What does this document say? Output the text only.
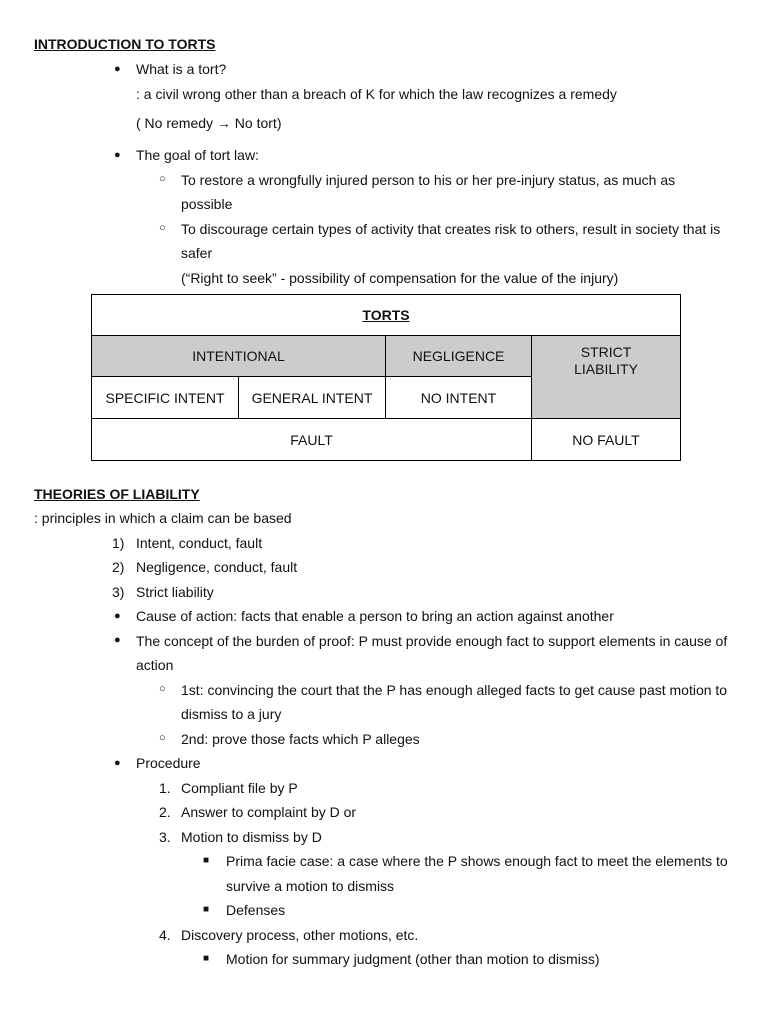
INTRODUCTION TO TORTS
● What is a tort?
: a civil wrong other than a breach of K for which the law recognizes a remedy
( No remedy → No tort)
● The goal of tort law:
○ To restore a wrongfully injured person to his or her pre-injury status, as much as
possible
○ To discourage certain types of activity that creates risk to others, result in society that is
safer
(“Right to seek” - possibility of compensation for the value of the injury)
TORTS			
INTENTIONAL		NEGLIGENCE	STRICT LIABILITY

SPECIFIC INTENT	GENERAL INTENT	NO INTENT	
FAULT			NO FAULT
THEORIES OF LIABILITY
: principles in which a claim can be based
1) Intent, conduct, fault
2) Negligence, conduct, fault
3) Strict liability
● Cause of action: facts that enable a person to bring an action against another
● The concept of the burden of proof: P must provide enough fact to support elements in cause of
action
○ 1st: convincing the court that the P has enough alleged facts to get cause past motion to
dismiss to a jury
○ 2nd: prove those facts which P alleges
● Procedure
1. Compliant file by P
2. Answer to complaint by D or
3. Motion to dismiss by D
■ Prima facie case: a case where the P shows enough fact to meet the elements to
survive a motion to dismiss
■ Defenses
4. Discovery process, other motions, etc.
■ Motion for summary judgment (other than motion to dismiss)
